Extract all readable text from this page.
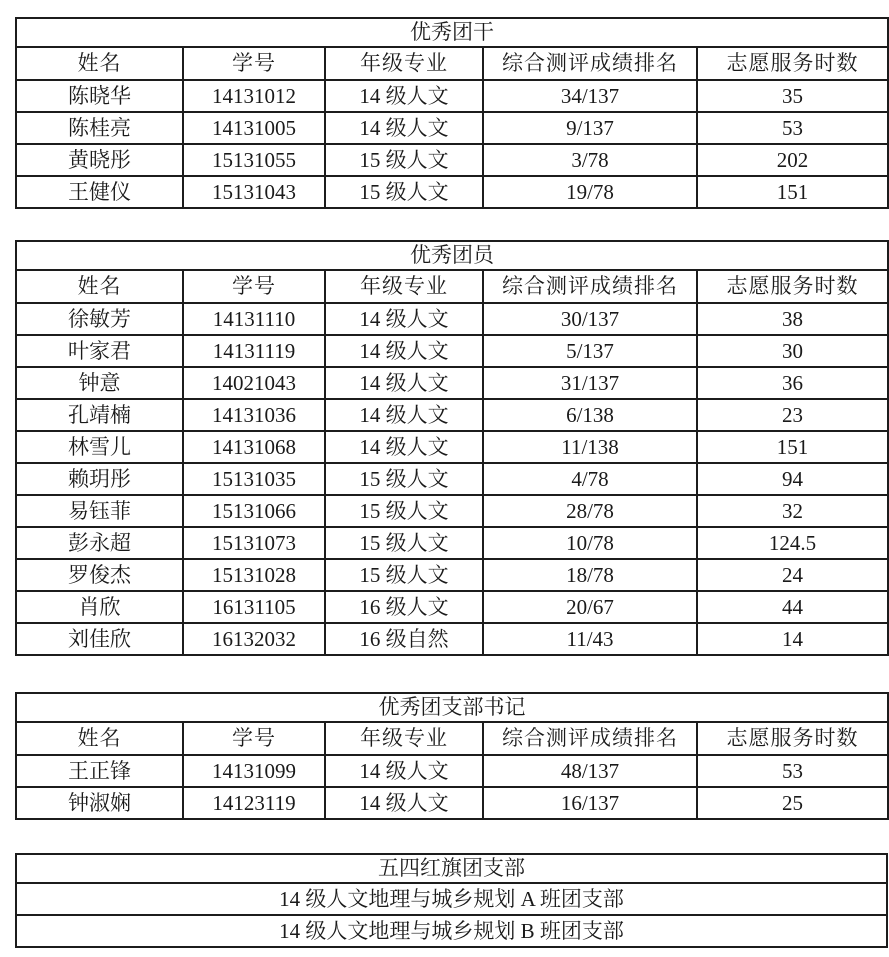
优秀团干				
姓名	学号	年级专业	综合测评成绩排名	志愿服务时数
陈晓华	14131012	14 级人文	34/137	35
陈桂亮	14131005	14 级人文	9/137	53
黄晓彤	15131055	15 级人文	3/78	202
王健仪	15131043	15 级人文	19/78	151
优秀团员				
姓名	学号	年级专业	综合测评成绩排名	志愿服务时数
徐敏芳	14131110	14 级人文	30/137	38
叶家君	14131119	14 级人文	5/137	30
钟意	14021043	14 级人文	31/137	36
孔靖楠	14131036	14 级人文	6/138	23
林雪儿	14131068	14 级人文	11/138	151
赖玥彤	15131035	15 级人文	4/78	94
易钰菲	15131066	15 级人文	28/78	32
彭永超	15131073	15 级人文	10/78	124.5
罗俊杰	15131028	15 级人文	18/78	24
肖欣	16131105	16 级人文	20/67	44
刘佳欣	16132032	16 级自然	11/43	14
优秀团支部书记				
姓名	学号	年级专业	综合测评成绩排名	志愿服务时数
王正锋	14131099	14 级人文	48/137	53
钟淑娴	14123119	14 级人文	16/137	25
五四红旗团支部
14 级人文地理与城乡规划 A 班团支部
14 级人文地理与城乡规划 B 班团支部
